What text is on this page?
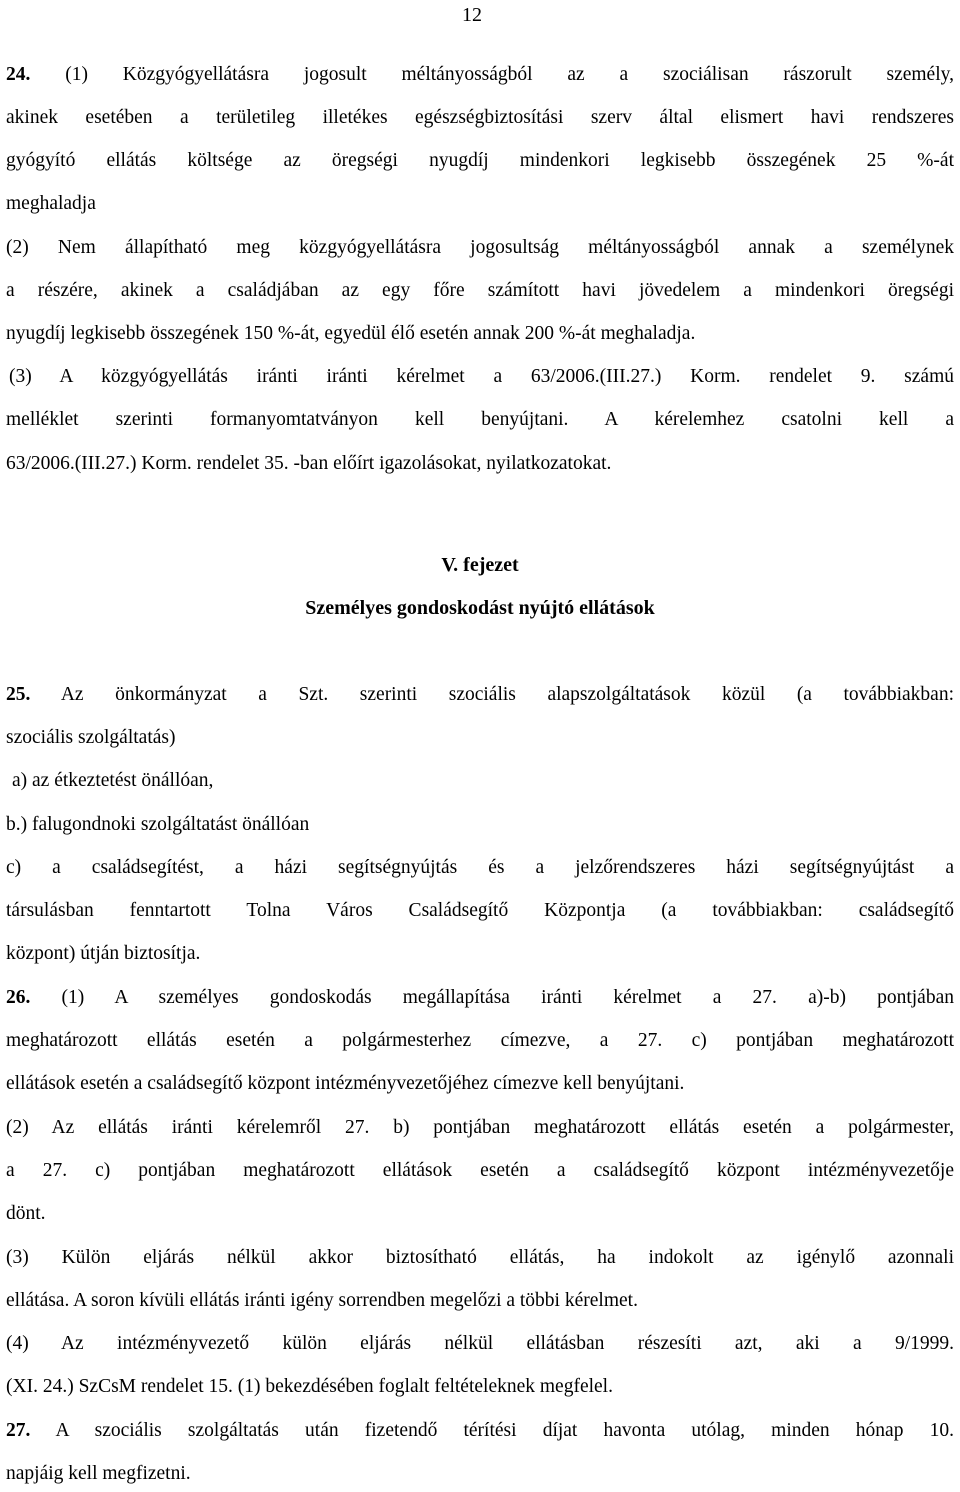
12
24. (1) Közgyógyellátásra jogosult méltányosságból az a szociálisan rászorult személy,
akinek esetében a területileg illetékes egészségbiztosítási szerv által elismert havi rendszeres
gyógyító ellátás költsége az öregségi nyugdíj mindenkori legkisebb összegének 25 %-át
meghaladja
(2) Nem állapítható meg közgyógyellátásra jogosultság méltányosságból annak a személynek
a részére, akinek a családjában az egy főre számított havi jövedelem a mindenkori öregségi
nyugdíj legkisebb összegének 150 %-át, egyedül élő esetén annak 200 %-át meghaladja.
(3) A közgyógyellátás iránti iránti kérelmet a 63/2006.(III.27.) Korm. rendelet 9. számú
melléklet szerinti formanyomtatványon kell benyújtani. A kérelemhez csatolni kell a
63/2006.(III.27.) Korm. rendelet 35. -ban előírt igazolásokat, nyilatkozatokat.
V. fejezet
Személyes gondoskodást nyújtó ellátások
25. Az önkormányzat a Szt. szerinti szociális alapszolgáltatások közül (a továbbiakban:
szociális szolgáltatás)
a) az étkeztetést önállóan,
b.) falugondnoki szolgáltatást önállóan
c) a családsegítést, a házi segítségnyújtás és a jelzőrendszeres házi segítségnyújtást a
társulásban fenntartott Tolna Város Családsegítő Központja (a továbbiakban: családsegítő
központ) útján biztosítja.
26. (1) A személyes gondoskodás megállapítása iránti kérelmet a 27. a)-b) pontjában
meghatározott ellátás esetén a polgármesterhez címezve, a 27. c) pontjában meghatározott
ellátások esetén a családsegítő központ intézményvezetőjéhez címezve kell benyújtani.
(2) Az ellátás iránti kérelemről 27. b) pontjában meghatározott ellátás esetén a polgármester,
a 27. c) pontjában meghatározott ellátások esetén a családsegítő központ intézményvezetője
dönt.
(3) Külön eljárás nélkül akkor biztosítható ellátás, ha indokolt az igénylő azonnali
ellátása. A soron kívüli ellátás iránti igény sorrendben megelőzi a többi kérelmet.
(4) Az intézményvezető külön eljárás nélkül ellátásban részesíti azt, aki a 9/1999.
(XI. 24.) SzCsM rendelet 15. (1) bekezdésében foglalt feltételeknek megfelel.
27. A szociális szolgáltatás után fizetendő térítési díjat havonta utólag, minden hónap 10.
napjáig kell megfizetni.
